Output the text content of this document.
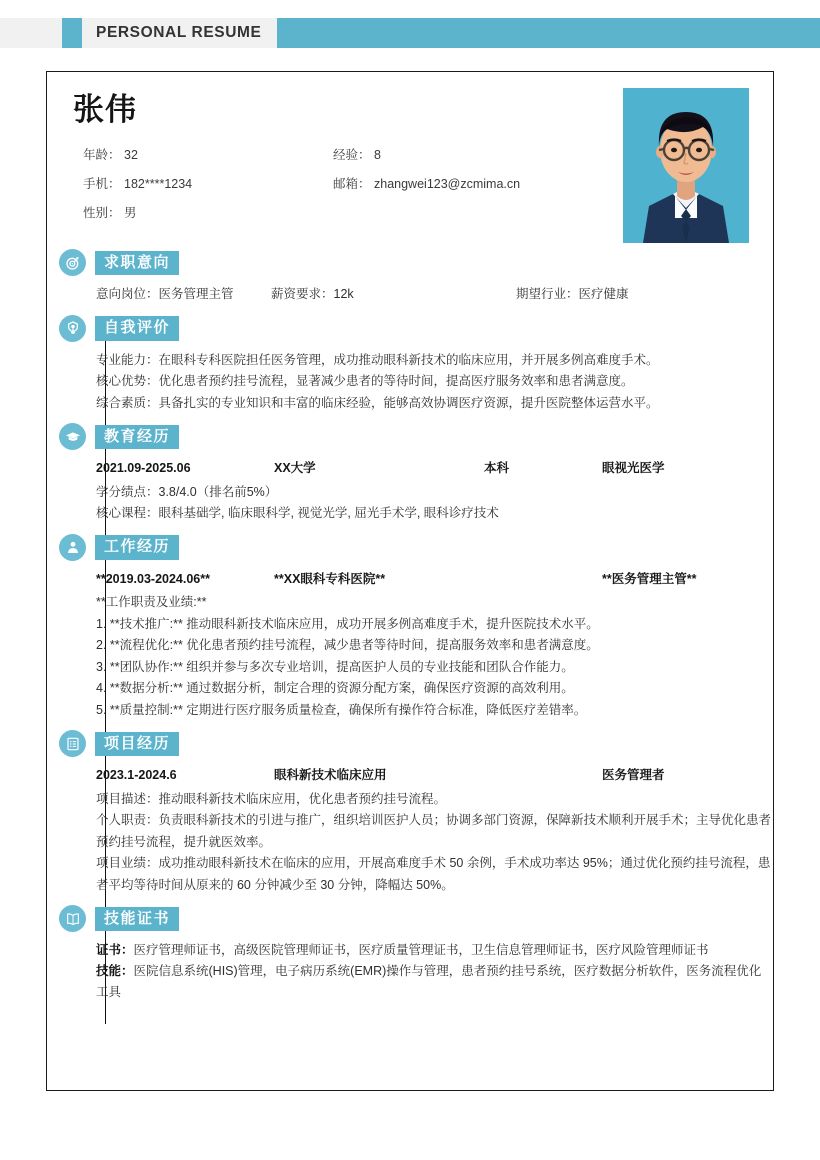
PERSONAL RESUME
张伟
年龄： 32	经验： 8
手机： 182****1234	邮箱： zhangwei123@zcmima.cn
性别： 男
求职意向
意向岗位：医务管理主管	薪资要求：12k	期望行业：医疗健康
自我评价

专业能力：在眼科专科医院担任医务管理，成功推动眼科新技术的临床应用，并开展多例高难度手术。

核心优势：优化患者预约挂号流程，显著减少患者的等待时间，提高医疗服务效率和患者满意度。

综合素质：具备扎实的专业知识和丰富的临床经验，能够高效协调医疗资源，提升医院整体运营水平。

教育经历
2021.09-2025.06	XX大学	本科	眼视光医学

学分绩点：3.8/4.0（排名前5%）

核心课程：眼科基础学, 临床眼科学, 视觉光学, 屈光手术学, 眼科诊疗技术

工作经历
**2019.03-2024.06**	**XX眼科专科医院**	**医务管理主管**

**工作职责及业绩:**

1. **技术推广:** 推动眼科新技术临床应用，成功开展多例高难度手术，提升医院技术水平。

2. **流程优化:** 优化患者预约挂号流程，减少患者等待时间，提高服务效率和患者满意度。

3. **团队协作:** 组织并参与多次专业培训，提高医护人员的专业技能和团队合作能力。

4. **数据分析:** 通过数据分析，制定合理的资源分配方案，确保医疗资源的高效利用。

5. **质量控制:** 定期进行医疗服务质量检查，确保所有操作符合标准，降低医疗差错率。

项目经历
2023.1-2024.6	眼科新技术临床应用	医务管理者

项目描述：推动眼科新技术临床应用，优化患者预约挂号流程。

个人职责：负责眼科新技术的引进与推广，组织培训医护人员；协调多部门资源，保障新技术顺利开展手术；主导优化患者预约挂号流程，提升就医效率。

项目业绩：成功推动眼科新技术在临床的应用，开展高难度手术 50 余例，手术成功率达 95%；通过优化预约挂号流程，患者平均等待时间从原来的 60 分钟减少至 30 分钟，降幅达 50%。

技能证书

证书：医疗管理师证书，高级医院管理师证书，医疗质量管理证书，卫生信息管理师证书，医疗风险管理师证书

技能：医院信息系统(HIS)管理，电子病历系统(EMR)操作与管理，患者预约挂号系统，医疗数据分析软件，医务流程优化工具
